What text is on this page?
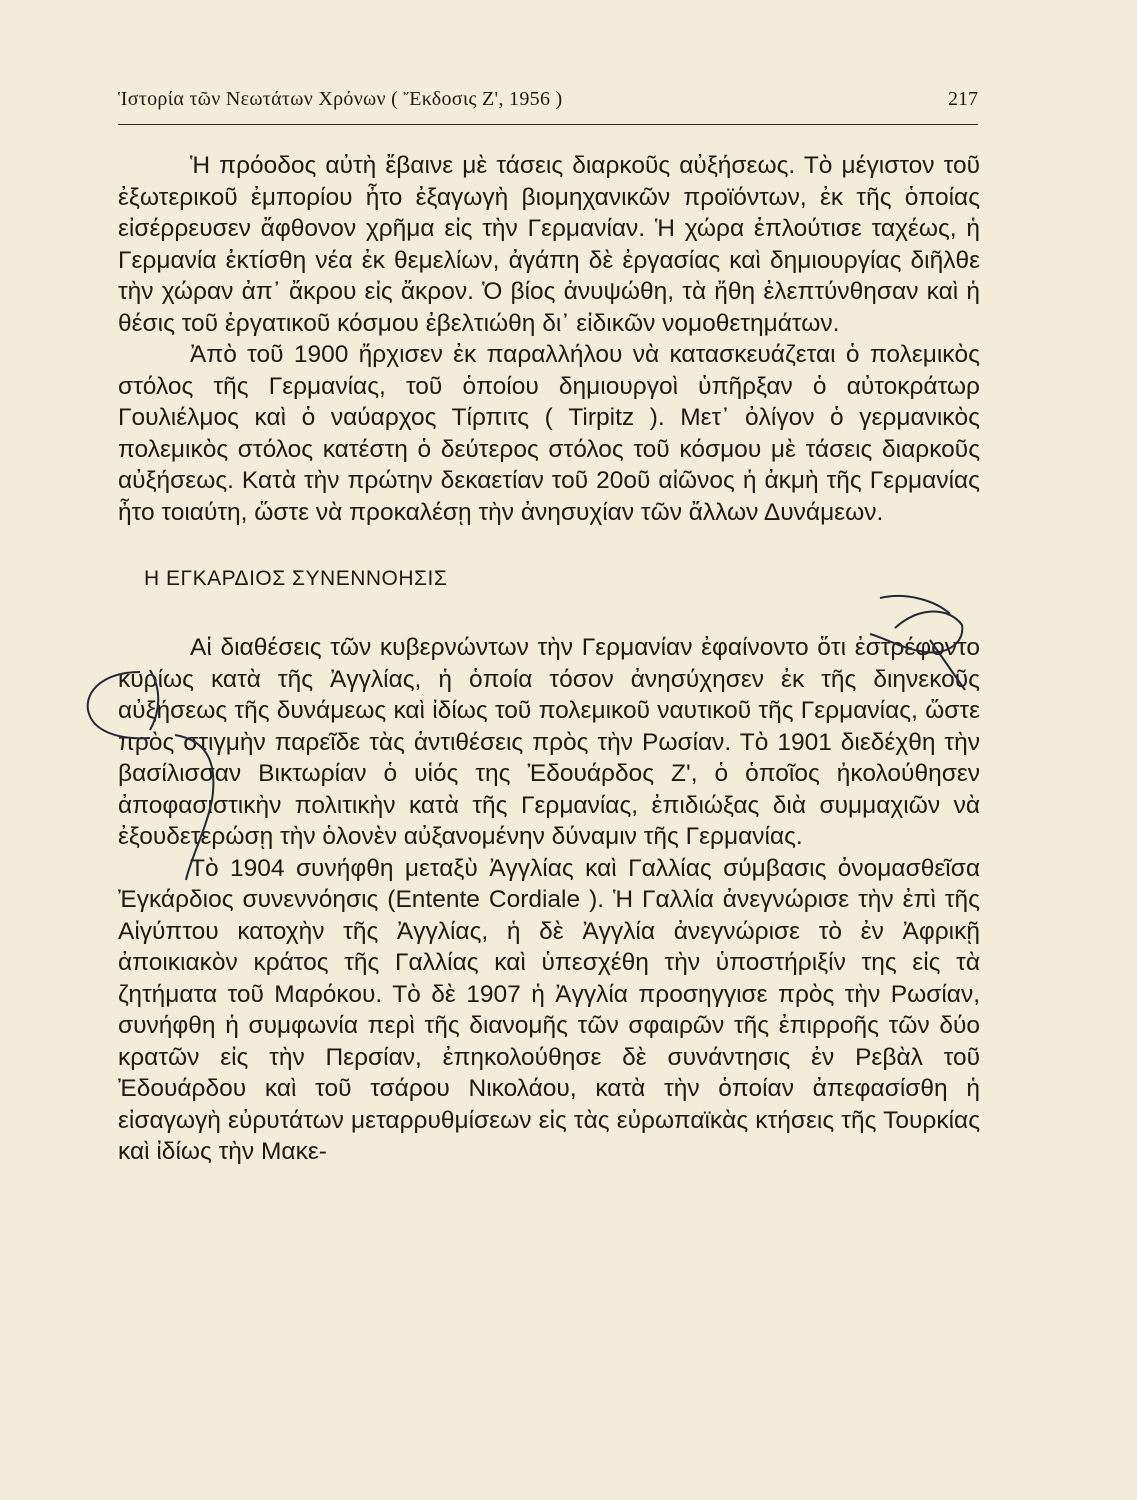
Ἱστορία τῶν Νεωτάτων Χρόνων ( Ἔκδοσις Ζ', 1956 )	217

Ἡ πρόοδος αὐτὴ ἔβαινε μὲ τάσεις διαρκοῦς αὐξήσεως. Τὸ μέγιστον τοῦ ἐξωτερικοῦ ἐμπορίου ἦτο ἐξαγωγὴ βιομηχανικῶν προϊόντων, ἐκ τῆς ὁποίας εἰσέρρευσεν ἄφθονον χρῆμα εἰς τὴν Γερμανίαν. Ἡ χώρα ἐπλούτισε ταχέως, ἡ Γερμανία ἐκτίσθη νέα ἐκ θεμελίων, ἀγάπη δὲ ἐργασίας καὶ δημιουργίας διῆλθε τὴν χώραν ἀπ᾽ ἄκρου εἰς ἄκρον. Ὁ βίος ἀνυψώθη, τὰ ἤθη ἐλεπτύνθησαν καὶ ἡ θέσις τοῦ ἐργατικοῦ κόσμου ἐβελτιώθη δι᾽ εἰδικῶν νομοθετημάτων.

Ἀπὸ τοῦ 1900 ἤρχισεν ἐκ παραλλήλου νὰ κατασκευάζεται ὁ πολεμικὸς στόλος τῆς Γερμανίας, τοῦ ὁποίου δημιουργοὶ ὑπῆρξαν ὁ αὐτοκράτωρ Γουλιέλμος καὶ ὁ ναύαρχος Τίρπιτς ( Tirpitz ). Μετ᾽ ὀλίγον ὁ γερμανικὸς πολεμικὸς στόλος κατέστη ὁ δεύτερος στόλος τοῦ κόσμου μὲ τάσεις διαρκοῦς αὐξήσεως. Κατὰ τὴν πρώτην δεκαετίαν τοῦ 20οῦ αἰῶνος ἡ ἀκμὴ τῆς Γερμανίας ἦτο τοιαύτη, ὥστε νὰ προκαλέσῃ τὴν ἀνησυχίαν τῶν ἄλλων Δυνάμεων.

Η ΕΓΚΑΡΔΙΟΣ ΣΥΝΕΝΝΟΗΣΙΣ

Αἱ διαθέσεις τῶν κυβερνώντων τὴν Γερμανίαν ἐφαίνοντο ὅτι ἐστρέφοντο κυρίως κατὰ τῆς Ἀγγλίας, ἡ ὁποία τόσον ἀνησύχησεν ἐκ τῆς διηνεκοῦς αὐξήσεως τῆς δυνάμεως καὶ ἰδίως τοῦ πολεμικοῦ ναυτικοῦ τῆς Γερμανίας, ὥστε πρὸς στιγμὴν παρεῖδε τὰς ἀντιθέσεις πρὸς τὴν Ρωσίαν. Τὸ 1901 διεδέχθη τὴν βασίλισσαν Βικτωρίαν ὁ υἱός της Ἐδουάρδος Ζ', ὁ ὁποῖος ἠκολούθησεν ἀποφασιστικὴν πολιτικὴν κατὰ τῆς Γερμανίας, ἐπιδιώξας διὰ συμμαχιῶν νὰ ἐξουδετερώσῃ τὴν ὁλονὲν αὐξανομένην δύναμιν τῆς Γερμανίας.

Τὸ 1904 συνήφθη μεταξὺ Ἀγγλίας καὶ Γαλλίας σύμβασις ὀνομασθεῖσα Ἐγκάρδιος συνεννόησις (Entente Cordiale ). Ἡ Γαλλία ἀνεγνώρισε τὴν ἐπὶ τῆς Αἰγύπτου κατοχὴν τῆς Ἀγγλίας, ἡ δὲ Ἀγγλία ἀνεγνώρισε τὸ ἐν Ἀφρικῇ ἀποικιακὸν κράτος τῆς Γαλλίας καὶ ὑπεσχέθη τὴν ὑποστήριξίν της εἰς τὰ ζητήματα τοῦ Μαρόκου. Τὸ δὲ 1907 ἡ Ἀγγλία προσηγγισε πρὸς τὴν Ρωσίαν, συνήφθη ἡ συμφωνία περὶ τῆς διανομῆς τῶν σφαιρῶν τῆς ἐπιρροῆς τῶν δύο κρατῶν εἰς τὴν Περσίαν, ἐπηκολούθησε δὲ συνάντησις ἐν Ρεβὰλ τοῦ Ἐδουάρδου καὶ τοῦ τσάρου Νικολάου, κατὰ τὴν ὁποίαν ἀπεφασίσθη ἡ εἰσαγωγὴ εὐρυτάτων μεταρρυθμίσεων εἰς τὰς εὐρωπαϊκὰς κτήσεις τῆς Τουρκίας καὶ ἰδίως τὴν Μακε-
